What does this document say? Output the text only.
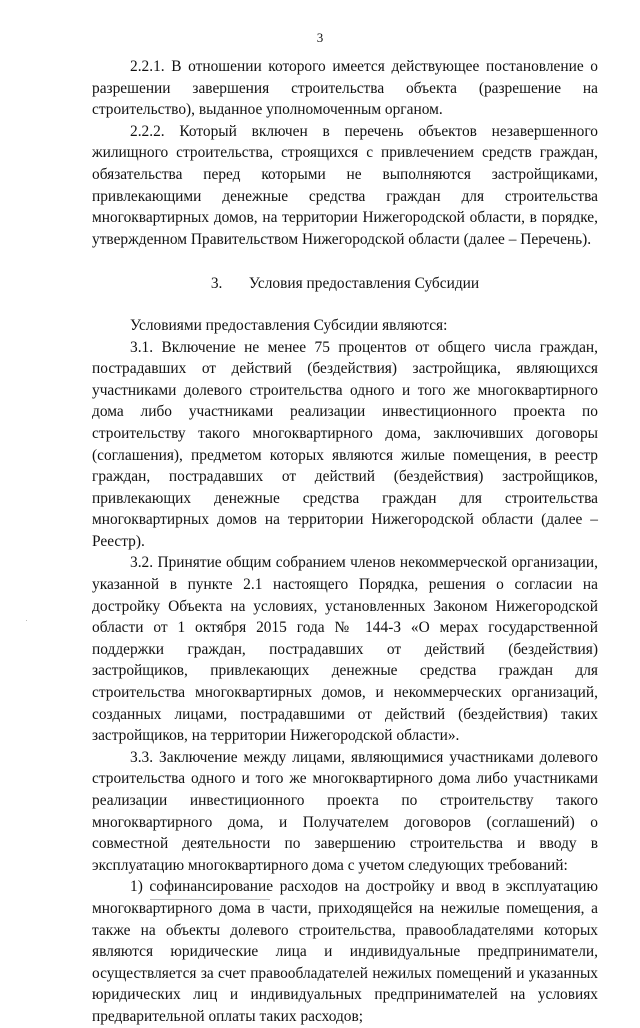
3

2.2.1. В отношении которого имеется действующее постановление о разрешении завершения строительства объекта (разрешение на строительство), выданное уполномоченным органом.

2.2.2. Который включен в перечень объектов незавершенного жилищного строительства, строящихся с привлечением средств граждан, обязательства перед которыми не выполняются застройщиками, привлекающими денежные средства граждан для строительства многоквартирных домов, на территории Нижегородской области, в порядке, утвержденном Правительством Нижегородской области (далее – Перечень).

3. Условия предоставления Субсидии

Условиями предоставления Субсидии являются:

3.1. Включение не менее 75 процентов от общего числа граждан, пострадавших от действий (бездействия) застройщика, являющихся участниками долевого строительства одного и того же многоквартирного дома либо участниками реализации инвестиционного проекта по строительству такого многоквартирного дома, заключивших договоры (соглашения), предметом которых являются жилые помещения, в реестр граждан, пострадавших от действий (бездействия) застройщиков, привлекающих денежные средства граждан для строительства многоквартирных домов на территории Нижегородской области (далее – Реестр).

3.2. Принятие общим собранием членов некоммерческой организации, указанной в пункте 2.1 настоящего Порядка, решения о согласии на достройку Объекта на условиях, установленных Законом Нижегородской области от 1 октября 2015 года № 144-З «О мерах государственной поддержки граждан, пострадавших от действий (бездействия) застройщиков, привлекающих денежные средства граждан для строительства многоквартирных домов, и некоммерческих организаций, созданных лицами, пострадавшими от действий (бездействия) таких застройщиков, на территории Нижегородской области».

3.3. Заключение между лицами, являющимися участниками долевого строительства одного и того же многоквартирного дома либо участниками реализации инвестиционного проекта по строительству такого многоквартирного дома, и Получателем договоров (соглашений) о совместной деятельности по завершению строительства и вводу в эксплуатацию многоквартирного дома с учетом следующих требований:

1) софинансирование расходов на достройку и ввод в эксплуатацию многоквартирного дома в части, приходящейся на нежилые помещения, а также на объекты долевого строительства, правообладателями которых являются юридические лица и индивидуальные предприниматели, осуществляется за счет правообладателей нежилых помещений и указанных юридических лиц и индивидуальных предпринимателей на условиях предварительной оплаты таких расходов;
